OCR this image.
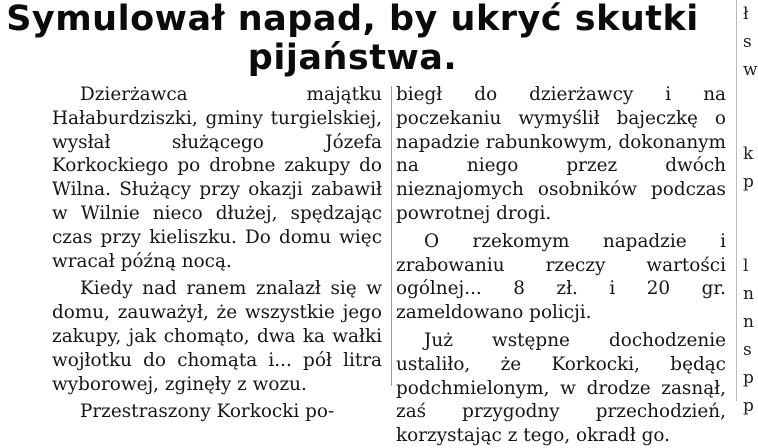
Symulował napad, by ukryć skutki
pijaństwa.

Dzierżawca majątku Hałaburdziszki, gminy turgielskiej, wysłał służącego Józefa Korkockiego po drobne zakupy do Wilna. Służący przy okazji zabawił w Wilnie nieco dłużej, spędzając czas przy kieliszku. Do domu więc wracał późną nocą.

Kiedy nad ranem znalazł się w domu, zauważył, że wszystkie jego zakupy, jak chomąto, dwa ka wałki wojłotku do chomąta i... pół litra wyborowej, zginęły z wozu.

Przestraszony Korkocki po-

biegł do dzierżawcy i na poczekaniu wymyślił bajeczkę o napadzie rabunkowym, dokonanym na niego przez dwóch nieznajomych osobników podczas powrotnej drogi.

O rzekomym napadzie i zrabowaniu rzeczy wartości ogólnej... 8 zł. i 20 gr. zameldowano policji.

Już wstępne dochodzenie ustaliło, że Korkocki, będąc podchmielonym, w drodze zasnął, zaś przygodny przechodzień, korzystając z tego, okradł go.

ł
s
w
k
p
l
n
n
s
p
p
